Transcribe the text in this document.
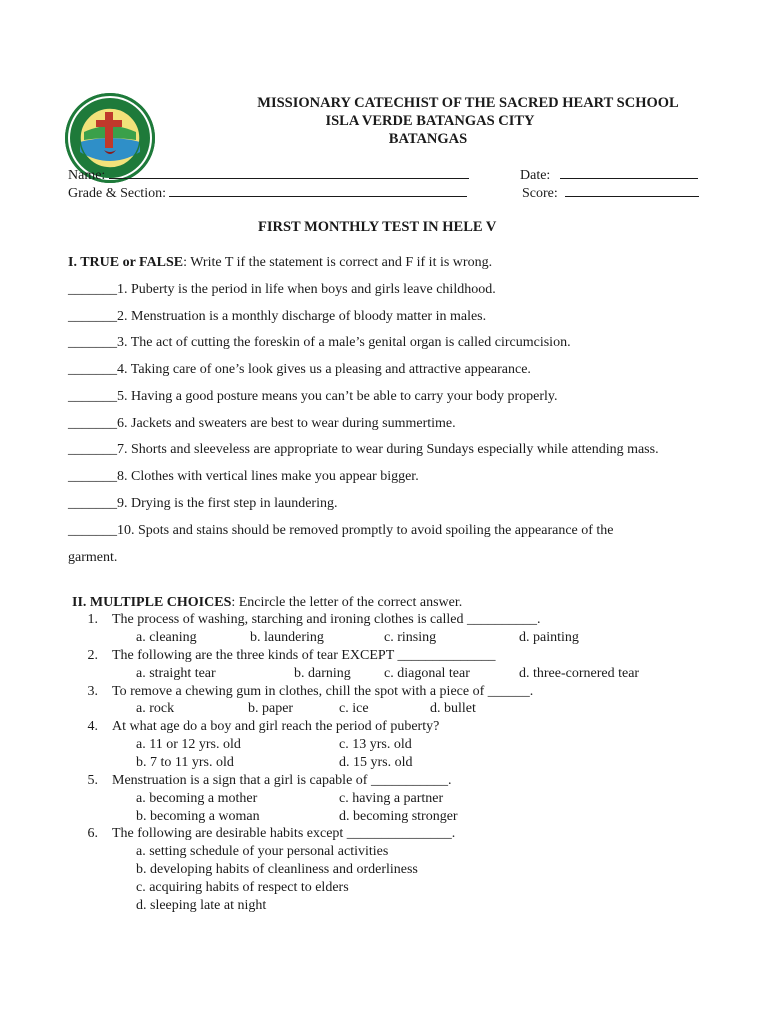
MISSIONARY CATECHIST OF THE SACRED HEART SCHOOL
ISLA VERDE BATANGAS CITY
BATANGAS
Name:	Date:
Grade & Section:	Score:
FIRST MONTHLY TEST IN HELE V
I. TRUE or FALSE: Write T if the statement is correct and F if it is wrong.
_______1. Puberty is the period in life when boys and girls leave childhood.
_______2. Menstruation is a monthly discharge of bloody matter in males.
_______3. The act of cutting the foreskin of a male’s genital organ is called circumcision.
_______4. Taking care of one’s look gives us a pleasing and attractive appearance.
_______5. Having a good posture means you can’t be able to carry your body properly.
_______6. Jackets and sweaters are best to wear during summertime.
_______7. Shorts and sleeveless are appropriate to wear during Sundays especially while attending mass.
_______8. Clothes with vertical lines make you appear bigger.
_______9. Drying is the first step in laundering.
_______10. Spots and stains should be removed promptly to avoid spoiling the appearance of the
garment.
II. MULTIPLE CHOICES: Encircle the letter of the correct answer.
1. The process of washing, starching and ironing clothes is called __________.
a. cleaning	b. laundering	c. rinsing	d. painting
2. The following are the three kinds of tear EXCEPT ______________
a. straight tear	b. darning c. diagonal tear	d. three-cornered tear
3. To remove a chewing gum in clothes, chill the spot with a piece of ______.
a. rock	b. paper	c. ice	d. bullet
4. At what age do a boy and girl reach the period of puberty?
a. 11 or 12 yrs. old	c. 13 yrs. old
b. 7 to 11 yrs. old	d. 15 yrs. old
5. Menstruation is a sign that a girl is capable of ___________.
a. becoming a mother	c. having a partner
b. becoming a woman	d. becoming stronger
6. The following are desirable habits except _______________.
a. setting schedule of your personal activities
b. developing habits of cleanliness and orderliness
c. acquiring habits of respect to elders
d. sleeping late at night
